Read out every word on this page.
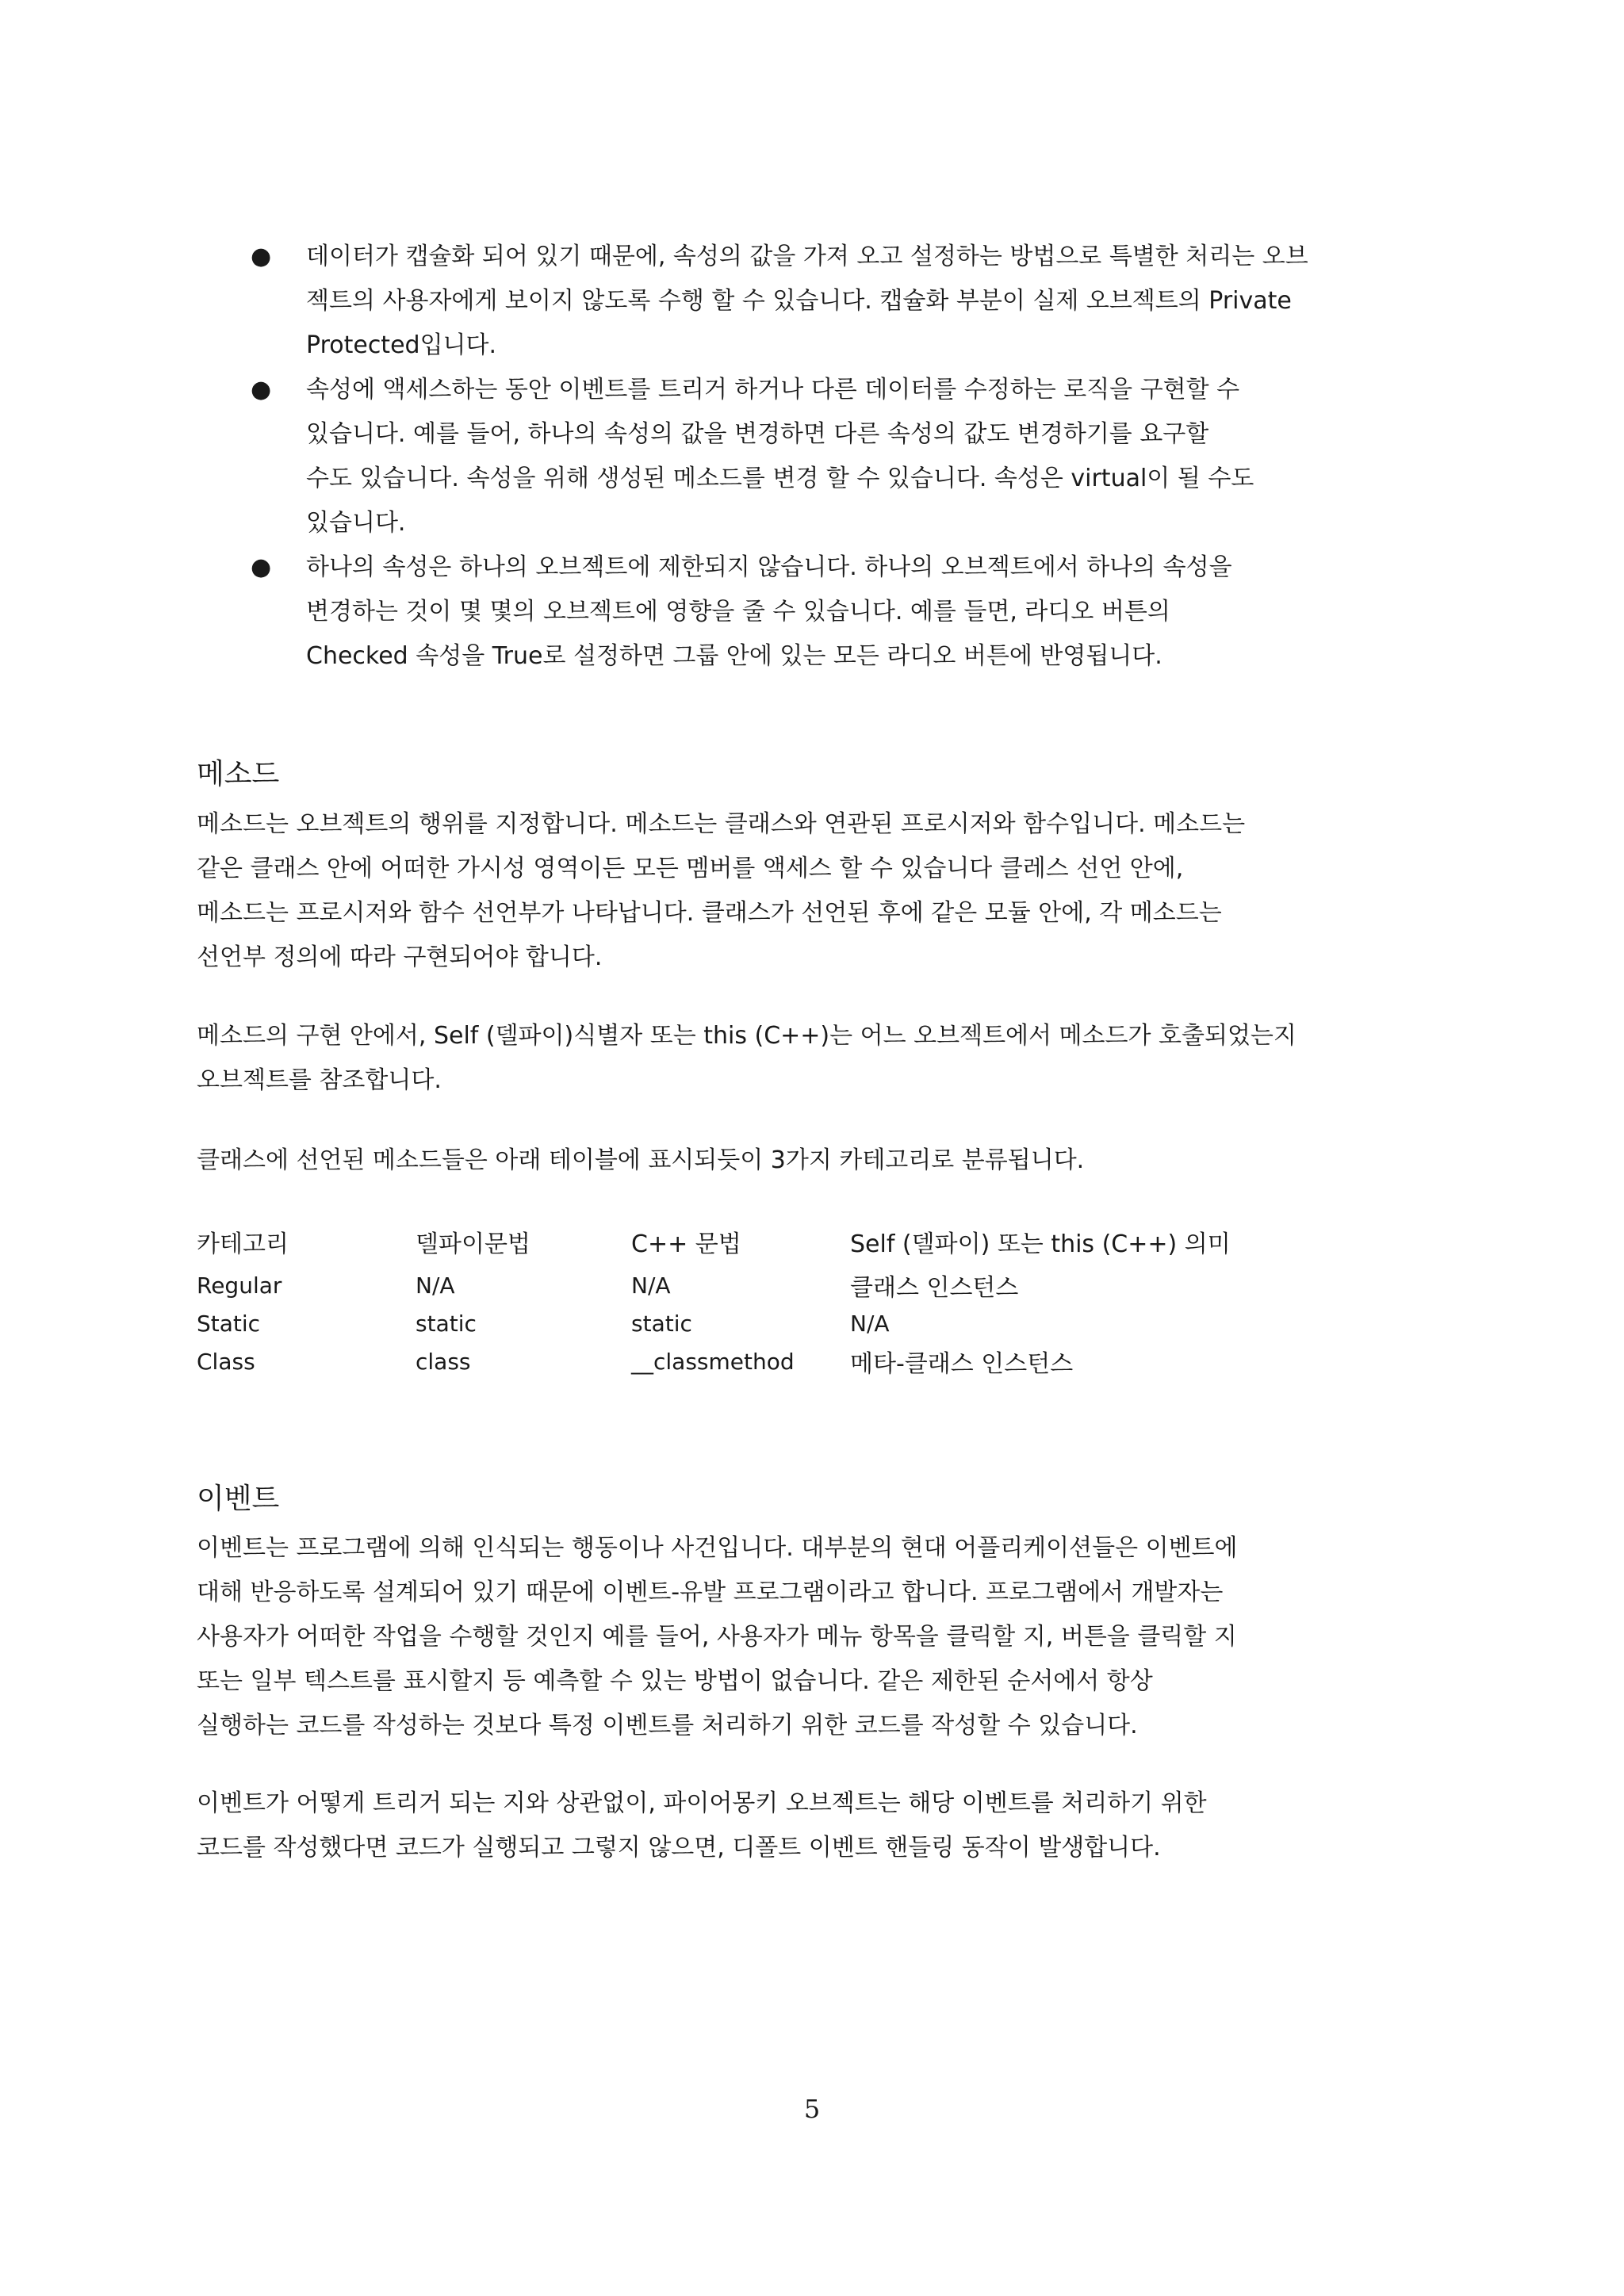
●	데이터가 캡슐화 되어 있기 때문에, 속성의 값을 가져 오고 설정하는 방법으로 특별한 처리는 오브
젝트의 사용자에게 보이지 않도록 수행 할 수 있습니다. 캡슐화 부분이 실제 오브젝트의 Private
Protected입니다.
●	속성에 액세스하는 동안 이벤트를 트리거 하거나 다른 데이터를 수정하는 로직을 구현할 수
있습니다. 예를 들어, 하나의 속성의 값을 변경하면 다른 속성의 값도 변경하기를 요구할
수도 있습니다. 속성을 위해 생성된 메소드를 변경 할 수 있습니다. 속성은 virtual이 될 수도
있습니다.
●	하나의 속성은 하나의 오브젝트에 제한되지 않습니다. 하나의 오브젝트에서 하나의 속성을
변경하는 것이 몇 몇의 오브젝트에 영향을 줄 수 있습니다. 예를 들면, 라디오 버튼의
Checked 속성을 True로 설정하면 그룹 안에 있는 모든 라디오 버튼에 반영됩니다.
메소드

메소드는 오브젝트의 행위를 지정합니다. 메소드는 클래스와 연관된 프로시저와 함수입니다. 메소드는
같은 클래스 안에 어떠한 가시성 영역이든 모든 멤버를 액세스 할 수 있습니다 클레스 선언 안에,
메소드는 프로시저와 함수 선언부가 나타납니다. 클래스가 선언된 후에 같은 모듈 안에, 각 메소드는
선언부 정의에 따라 구현되어야 합니다.

메소드의 구현 안에서, Self (델파이)식별자 또는 this (C++)는 어느 오브젝트에서 메소드가 호출되었는지
오브젝트를 참조합니다.

클래스에 선언된 메소드들은 아래 테이블에 표시되듯이 3가지 카테고리로 분류됩니다.

카테고리	델파이문법	C++ 문법	Self (델파이) 또는 this (C++) 의미
Regular	N/A	N/A	클래스 인스턴스
Static	static	static	N/A
Class	class	__classmethod	메타-클래스 인스턴스
이벤트

이벤트는 프로그램에 의해 인식되는 행동이나 사건입니다. 대부분의 현대 어플리케이션들은 이벤트에
대해 반응하도록 설계되어 있기 때문에 이벤트-유발 프로그램이라고 합니다. 프로그램에서 개발자는
사용자가 어떠한 작업을 수행할 것인지 예를 들어, 사용자가 메뉴 항목을 클릭할 지, 버튼을 클릭할 지
또는 일부 텍스트를 표시할지 등 예측할 수 있는 방법이 없습니다. 같은 제한된 순서에서 항상
실행하는 코드를 작성하는 것보다 특정 이벤트를 처리하기 위한 코드를 작성할 수 있습니다.

이벤트가 어떻게 트리거 되는 지와 상관없이, 파이어몽키 오브젝트는 해당 이벤트를 처리하기 위한
코드를 작성했다면 코드가 실행되고 그렇지 않으면, 디폴트 이벤트 핸들링 동작이 발생합니다.

5
